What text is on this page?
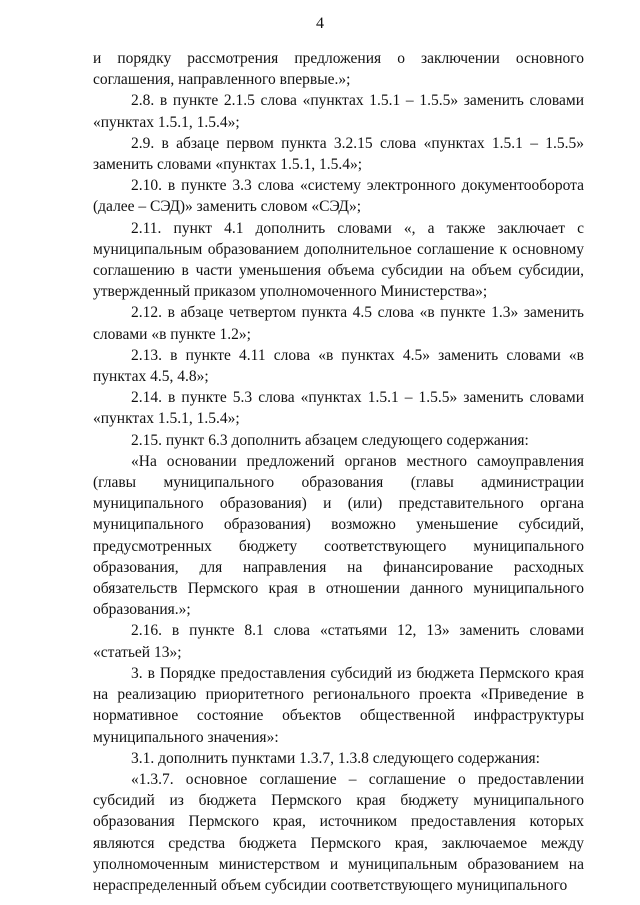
4

и порядку рассмотрения предложения о заключении основного соглашения, направленного впервые.»;

2.8. в пункте 2.1.5 слова «пунктах 1.5.1 – 1.5.5» заменить словами «пунктах 1.5.1, 1.5.4»;

2.9. в абзаце первом пункта 3.2.15 слова «пунктах 1.5.1 – 1.5.5» заменить словами «пунктах 1.5.1, 1.5.4»;

2.10. в пункте 3.3 слова «систему электронного документооборота (далее – СЭД)» заменить словом «СЭД»;

2.11. пункт 4.1 дополнить словами «, а также заключает с муниципальным образованием дополнительное соглашение к основному соглашению в части уменьшения объема субсидии на объем субсидии, утвержденный приказом уполномоченного Министерства»;

2.12. в абзаце четвертом пункта 4.5 слова «в пункте 1.3» заменить словами «в пункте 1.2»;

2.13. в пункте 4.11 слова «в пунктах 4.5» заменить словами «в пунктах 4.5, 4.8»;

2.14. в пункте 5.3 слова «пунктах 1.5.1 – 1.5.5» заменить словами «пунктах 1.5.1, 1.5.4»;

2.15. пункт 6.3 дополнить абзацем следующего содержания:

«На основании предложений органов местного самоуправления (главы муниципального образования (главы администрации муниципального образования) и (или) представительного органа муниципального образования) возможно уменьшение субсидий, предусмотренных бюджету соответствующего муниципального образования, для направления на финансирование расходных обязательств Пермского края в отношении данного муниципального образования.»;

2.16. в пункте 8.1 слова «статьями 12, 13» заменить словами «статьей 13»;

3. в Порядке предоставления субсидий из бюджета Пермского края на реализацию приоритетного регионального проекта «Приведение в нормативное состояние объектов общественной инфраструктуры муниципального значения»:

3.1. дополнить пунктами 1.3.7, 1.3.8 следующего содержания:

«1.3.7. основное соглашение – соглашение о предоставлении субсидий из бюджета Пермского края бюджету муниципального образования Пермского края, источником предоставления которых являются средства бюджета Пермского края, заключаемое между уполномоченным министерством и муниципальным образованием на нераспределенный объем субсидии соответствующего муниципального
